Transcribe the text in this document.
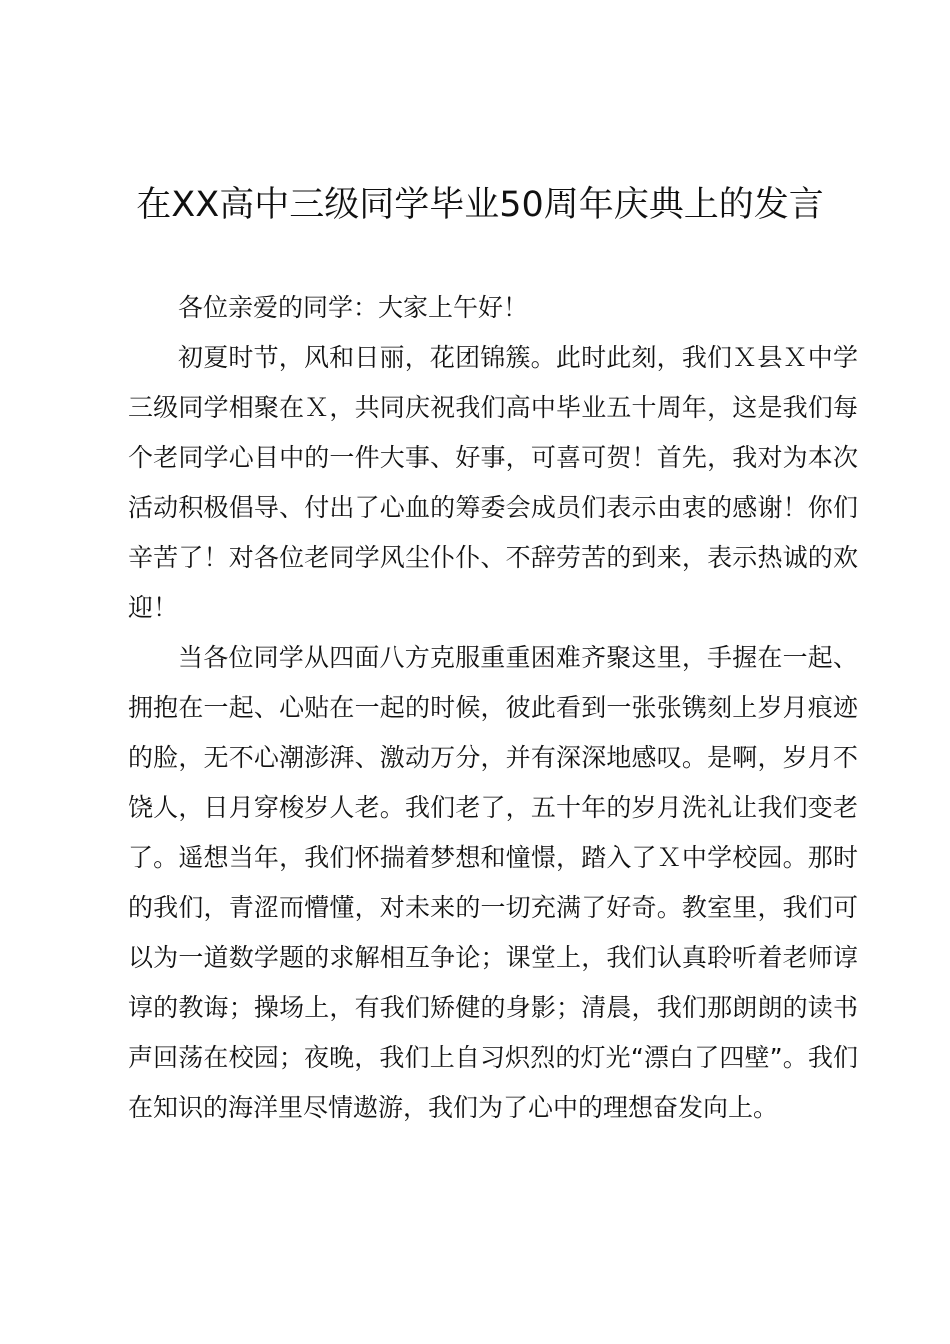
在XX高中三级同学毕业50周年庆典上的发言

各位亲爱的同学：大家上午好！

初夏时节，风和日丽，花团锦簇。此时此刻，我们Ｘ县Ｘ中学三级同学相聚在Ｘ，共同庆祝我们高中毕业五十周年，这是我们每个老同学心目中的一件大事、好事，可喜可贺！首先，我对为本次活动积极倡导、付出了心血的筹委会成员们表示由衷的感谢！你们辛苦了！对各位老同学风尘仆仆、不辞劳苦的到来，表示热诚的欢迎！

当各位同学从四面八方克服重重困难齐聚这里，手握在一起、拥抱在一起、心贴在一起的时候，彼此看到一张张镌刻上岁月痕迹的脸，无不心潮澎湃、激动万分，并有深深地感叹。是啊，岁月不饶人，日月穿梭岁人老。我们老了，五十年的岁月洗礼让我们变老了。遥想当年，我们怀揣着梦想和憧憬，踏入了Ｘ中学校园。那时的我们，青涩而懵懂，对未来的一切充满了好奇。教室里，我们可以为一道数学题的求解相互争论；课堂上，我们认真聆听着老师谆谆的教诲；操场上，有我们矫健的身影；清晨，我们那朗朗的读书声回荡在校园；夜晚，我们上自习炽烈的灯光“漂白了四壁”。我们在知识的海洋里尽情遨游，我们为了心中的理想奋发向上。
